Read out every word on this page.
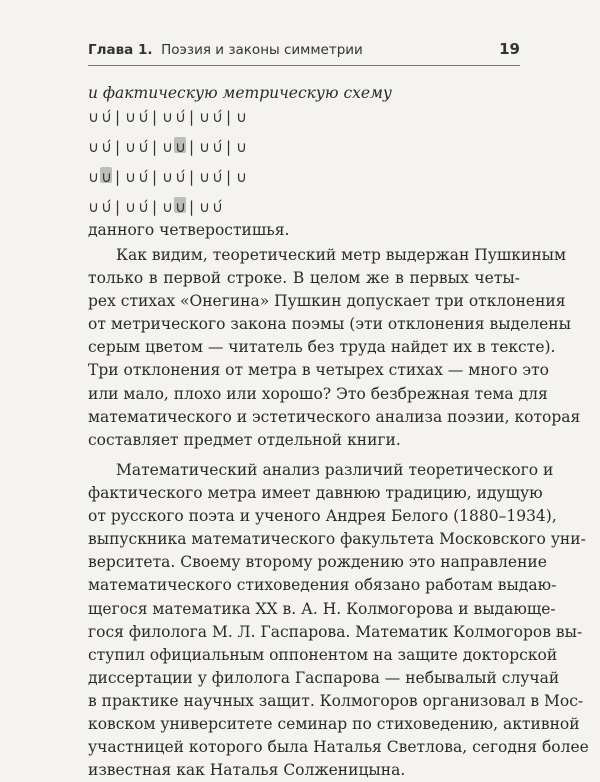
Глава 1. Поэзия и законы симметрии	19
и фактическую метрическую схему
∪ ∪́ | ∪ ∪́ | ∪ ∪́ | ∪ ∪́ | ∪
∪ ∪́ | ∪ ∪́ | ∪ ∪ | ∪ ∪́ | ∪
∪ ∪ | ∪ ∪́ | ∪ ∪́ | ∪ ∪́ | ∪
∪ ∪́ | ∪ ∪́ | ∪ ∪ | ∪ ∪́
данного четверостишья.
Как видим, теоретический метр выдержан Пушкиным
только в первой строке. В целом же в первых четы-
рех стихах «Онегина» Пушкин допускает три отклонения
от метрического закона поэмы (эти отклонения выделены
серым цветом — читатель без труда найдет их в тексте).
Три отклонения от метра в четырех стихах — много это
или мало, плохо или хорошо? Это безбрежная тема для
математического и эстетического анализа поэзии, которая
составляет предмет отдельной книги.
Математический анализ различий теоретического и
фактического метра имеет давнюю традицию, идущую
от русского поэта и ученого Андрея Белого (1880–1934),
выпускника математического факультета Московского уни-
верситета. Своему второму рождению это направление
математического стиховедения обязано работам выдаю-
щегося математика XX в. А. Н. Колмогорова и выдающе-
гося филолога М. Л. Гаспарова. Математик Колмогоров вы-
ступил официальным оппонентом на защите докторской
диссертации у филолога Гаспарова — небывалый случай
в практике научных защит. Колмогоров организовал в Мос-
ковском университете семинар по стиховедению, активной
участницей которого была Наталья Светлова, сегодня более
известная как Наталья Солженицына.
